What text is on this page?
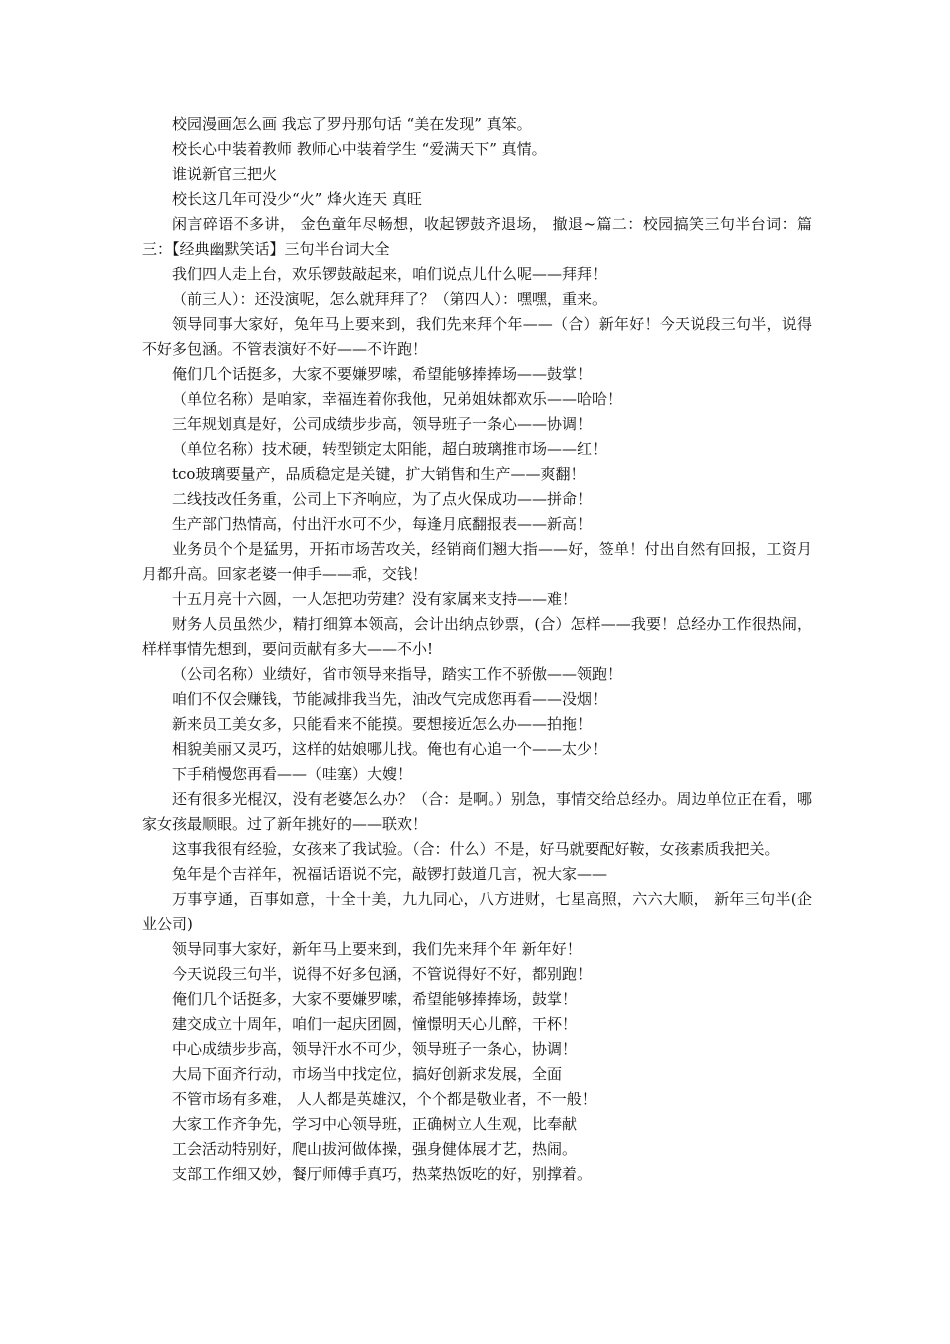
校园漫画怎么画 我忘了罗丹那句话 “美在发现” 真笨。

校长心中装着教师 教师心中装着学生 “爱满天下” 真情。

谁说新官三把火

校长这几年可没少“火” 烽火连天 真旺

闲言碎语不多讲， 金色童年尽畅想，收起锣鼓齐退场， 撤退~篇二：校园搞笑三句半台词：篇三：【经典幽默笑话】三句半台词大全

我们四人走上台，欢乐锣鼓敲起来，咱们说点儿什么呢——拜拜！

（前三人）：还没演呢，怎么就拜拜了？（第四人）：嘿嘿，重来。

领导同事大家好，兔年马上要来到，我们先来拜个年——（合）新年好！今天说段三句半，说得不好多包涵。不管表演好不好——不许跑！

俺们几个话挺多，大家不要嫌罗嗦，希望能够捧捧场——鼓掌！

（单位名称）是咱家，幸福连着你我他，兄弟姐妹都欢乐——哈哈！

三年规划真是好，公司成绩步步高，领导班子一条心——协调！

（单位名称）技术硬，转型锁定太阳能，超白玻璃推市场——红！

tco玻璃要量产，品质稳定是关键，扩大销售和生产——爽翻！

二线技改任务重，公司上下齐响应，为了点火保成功——拼命！

生产部门热情高，付出汗水可不少，每逢月底翻报表——新高！

业务员个个是猛男，开拓市场苦攻关，经销商们翘大指——好，签单！付出自然有回报，工资月月都升高。回家老婆一伸手——乖，交钱！

十五月亮十六圆，一人怎把功劳建？没有家属来支持——难！

财务人员虽然少，精打细算本领高，会计出纳点钞票，(合）怎样——我要！总经办工作很热闹，样样事情先想到，要问贡献有多大——不小!

（公司名称）业绩好，省市领导来指导，踏实工作不骄傲——领跑！

咱们不仅会赚钱，节能减排我当先，油改气完成您再看——没烟！

新来员工美女多，只能看来不能摸。要想接近怎么办——拍拖！

相貌美丽又灵巧，这样的姑娘哪儿找。俺也有心追一个——太少！

下手稍慢您再看——（哇塞）大嫂！

还有很多光棍汉，没有老婆怎么办？（合：是啊。）别急，事情交给总经办。周边单位正在看，哪家女孩最顺眼。过了新年挑好的——联欢！

这事我很有经验，女孩来了我试验。（合：什么）不是，好马就要配好鞍，女孩素质我把关。

兔年是个吉祥年，祝福话语说不完，敲锣打鼓道几言，祝大家——

万事亨通，百事如意，十全十美，九九同心，八方进财，七星高照，六六大顺， 新年三句半(企业公司)

领导同事大家好，新年马上要来到，我们先来拜个年 新年好！

今天说段三句半，说得不好多包涵，不管说得好不好，都别跑！

俺们几个话挺多，大家不要嫌罗嗦，希望能够捧捧场，鼓掌！

建交成立十周年，咱们一起庆团圆，憧憬明天心儿醉，干杯！

中心成绩步步高，领导汗水不可少，领导班子一条心，协调！

大局下面齐行动，市场当中找定位，搞好创新求发展，全面

不管市场有多难， 人人都是英雄汉，个个都是敬业者，不一般！

大家工作齐争先，学习中心领导班，正确树立人生观，比奉献

工会活动特别好，爬山拔河做体操，强身健体展才艺，热闹。

支部工作细又妙，餐厅师傅手真巧，热菜热饭吃的好，别撑着。
